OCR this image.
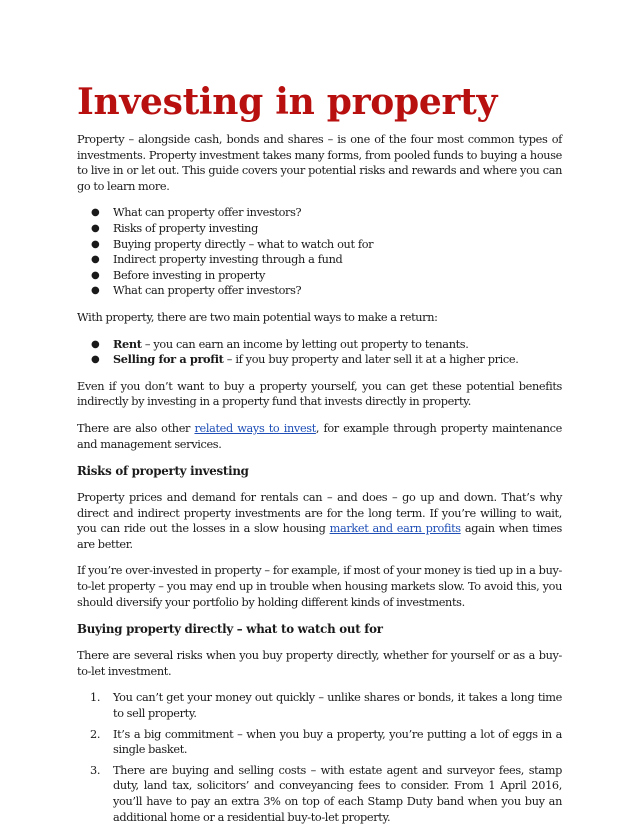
Investing in property

Property – alongside cash, bonds and shares – is one of the four most common types of investments. Property investment takes many forms, from pooled funds to buying a house to live in or let out. This guide covers your potential risks and rewards and where you can go to learn more.

● What can property offer investors?
● Risks of property investing
● Buying property directly – what to watch out for
● Indirect property investing through a fund
● Before investing in property
● What can property offer investors?

With property, there are two main potential ways to make a return:

● Rent – you can earn an income by letting out property to tenants.
● Selling for a profit – if you buy property and later sell it at a higher price.

Even if you don’t want to buy a property yourself, you can get these potential benefits indirectly by investing in a property fund that invests directly in property.

There are also other related ways to invest, for example through property maintenance and management services.

Risks of property investing

Property prices and demand for rentals can – and does – go up and down. That’s why direct and indirect property investments are for the long term. If you’re willing to wait, you can ride out the losses in a slow housing market and earn profits again when times are better.

If you’re over-invested in property – for example, if most of your money is tied up in a buy-to-let property – you may end up in trouble when housing markets slow. To avoid this, you should diversify your portfolio by holding different kinds of investments.

Buying property directly – what to watch out for

There are several risks when you buy property directly, whether for yourself or as a buy-to-let investment.

1. You can’t get your money out quickly – unlike shares or bonds, it takes a long time to sell property.
2. It’s a big commitment – when you buy a property, you’re putting a lot of eggs in a single basket.
3. There are buying and selling costs – with estate agent and surveyor fees, stamp duty, land tax, solicitors’ and conveyancing fees to consider. From 1 April 2016, you’ll have to pay an extra 3% on top of each Stamp Duty band when you buy an additional home or a residential buy-to-let property.
